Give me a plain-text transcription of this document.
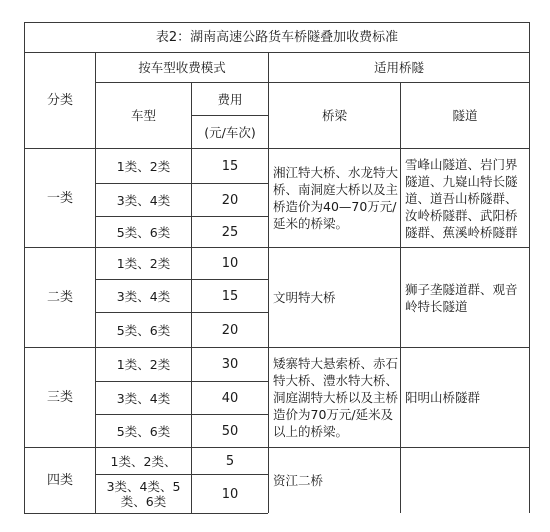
表2：湖南高速公路货车桥隧叠加收费标准				
分类	按车型收费模式		适用桥隧	
	车型	费用	桥梁	隧道
		(元/车次)		
一类	1类、2类	15	湘江特大桥、水龙特大桥、南洞庭大桥以及主桥造价为40—70万元/延米的桥梁。	雪峰山隧道、岩门界隧道、九嶷山特长隧道、道吾山桥隧群、汝岭桥隧群、武阳桥隧群、蕉溪岭桥隧群
	3类、4类	20		
	5类、6类	25		
二类	1类、2类	10	文明特大桥	狮子垄隧道群、观音岭特长隧道
	3类、4类	15		
	5类、6类	20		
三类	1类、2类	30	矮寨特大悬索桥、赤石特大桥、澧水特大桥、洞庭湖特大桥以及主桥造价为70万元/延米及以上的桥梁。	阳明山桥隧群
	3类、4类	40		
	5类、6类	50		
四类	1类、2类、	5	资江二桥	
	3类、4类、5类、6类	10		
